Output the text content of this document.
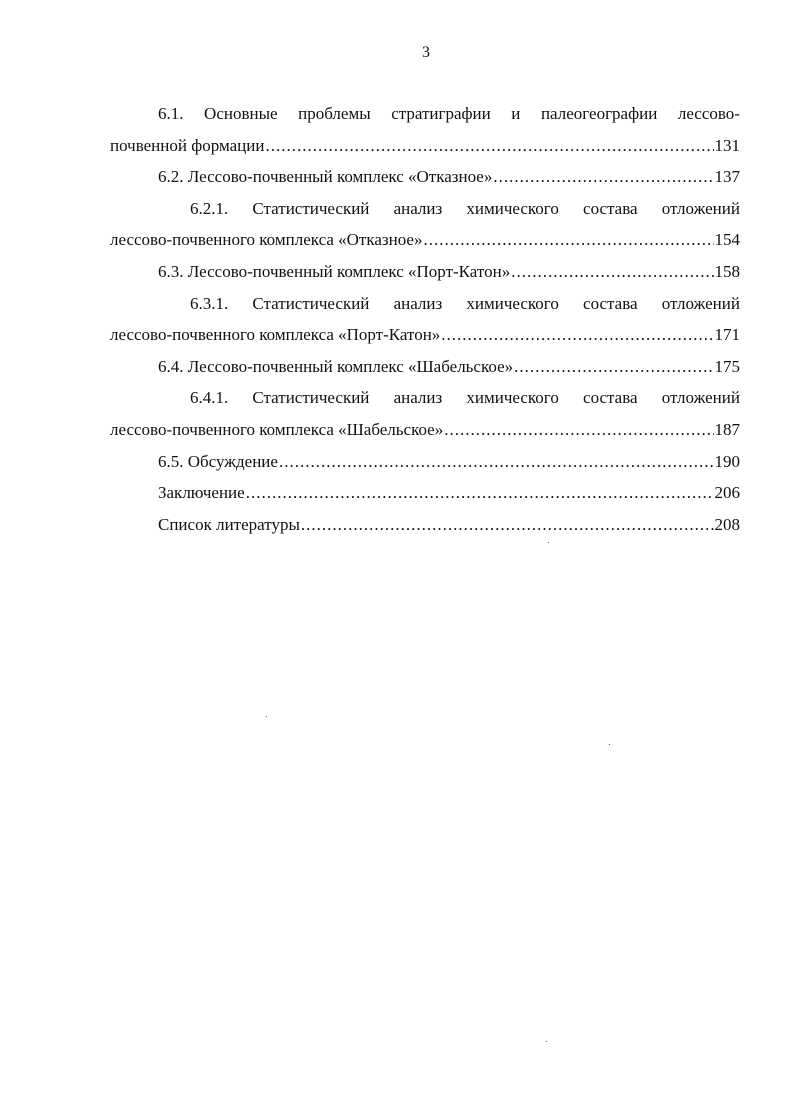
3
6.1. Основные проблемы стратиграфии и палеогеографии лессово-
почвенной формации .....	131
6.2. Лессово-почвенный комплекс «Отказное» .....	137
6.2.1. Статистический анализ химического состава отложений
лессово-почвенного комплекса «Отказное» .....	154
6.3. Лессово-почвенный комплекс «Порт-Катон» .....	158
6.3.1. Статистический анализ химического состава отложений
лессово-почвенного комплекса «Порт-Катон» .....	171
6.4. Лессово-почвенный комплекс «Шабельское» .....	175
6.4.1. Статистический анализ химического состава отложений
лессово-почвенного комплекса «Шабельское» .....	187
6.5. Обсуждение .....	190
Заключение .....	206
Список литературы .....	208
